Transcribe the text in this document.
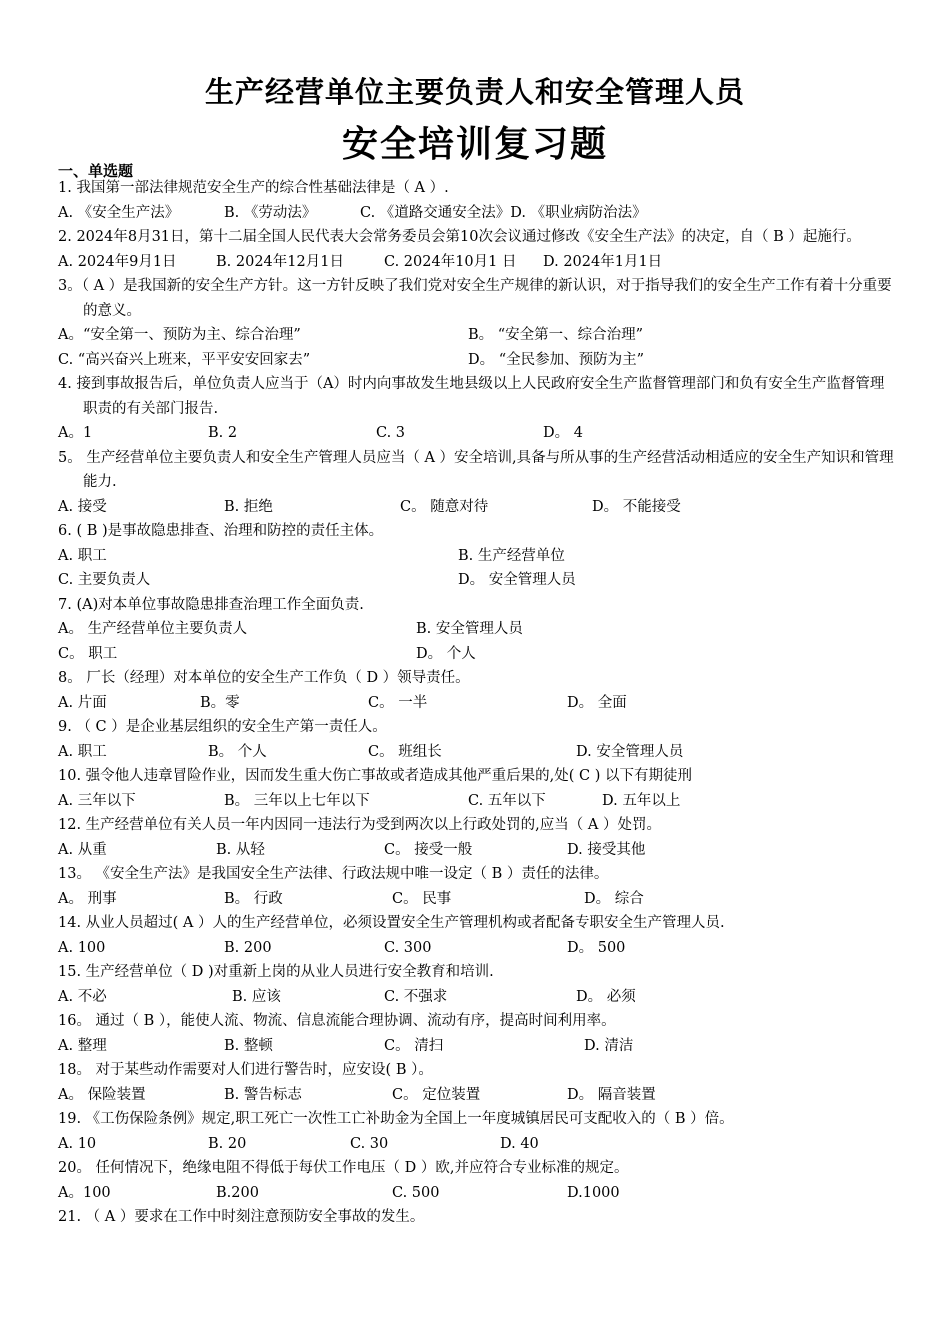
生产经营单位主要负责人和安全管理人员
安全培训复习题
一、单选题
1. 我国第一部法律规范安全生产的综合性基础法律是（ A ）.
A. 《安全生产法》	B. 《劳动法》	C. 《道路交通安全法》D. 《职业病防治法》
2. 2024年8月31日，第十二届全国人民代表大会常务委员会第10次会议通过修改《安全生产法》的决定，自（ B ）起施行。
A. 2024年9月1日	B. 2024年12月1日	C. 2024年10月1 日 D. 2024年1月1日
3。（ A ）是我国新的安全生产方针。这一方针反映了我们党对安全生产规律的新认识，对于指导我们的安全生产工作有着十分重要的意义。
A。“安全第一、预防为主、综合治理”	B。 “安全第一、综合治理”
C. “高兴奋兴上班来，平平安安回家去”	D。 “全民参加、预防为主”
4. 接到事故报告后，单位负责人应当于（A）时内向事故发生地县级以上人民政府安全生产监督管理部门和负有安全生产监督管理职责的有关部门报告.
A。1	B. 2	C. 3	D。 4
5。 生产经营单位主要负责人和安全生产管理人员应当（ A ）安全培训,具备与所从事的生产经营活动相适应的安全生产知识和管理能力.
A. 接受	B. 拒绝	C。 随意对待	D。 不能接受
6. ( B )是事故隐患排查、治理和防控的责任主体。
A. 职工	B. 生产经营单位
C. 主要负责人	D。 安全管理人员
7. (A)对本单位事故隐患排查治理工作全面负责.
A。 生产经营单位主要负责人	B. 安全管理人员
C。 职工	D。 个人
8。 厂长（经理）对本单位的安全生产工作负（ D ）领导责任。
A. 片面	B。零	C。 一半	D。 全面
9. （ C ）是企业基层组织的安全生产第一责任人。
A. 职工	B。 个人	C。 班组长	D. 安全管理人员
10. 强令他人违章冒险作业，因而发生重大伤亡事故或者造成其他严重后果的,处( C ) 以下有期徒刑
A. 三年以下	B。 三年以上七年以下	C. 五年以下	D. 五年以上
12. 生产经营单位有关人员一年内因同一违法行为受到两次以上行政处罚的,应当（ A ）处罚。
A. 从重	B. 从轻	C。 接受一般	D. 接受其他
13。 《安全生产法》是我国安全生产法律、行政法规中唯一设定（ B ）责任的法律。
A。 刑事	B。 行政	C。 民事	D。 综合
14. 从业人员超过( A ）人的生产经营单位，必须设置安全生产管理机构或者配备专职安全生产管理人员.
A. 100	B. 200	C. 300	D。 500
15. 生产经营单位（ D )对重新上岗的从业人员进行安全教育和培训.
A. 不必	B. 应该	C. 不强求	D。 必须
16。 通过（ B ），能使人流、物流、信息流能合理协调、流动有序，提高时间利用率。
A. 整理	B. 整顿	C。 清扫	D. 清洁
18。 对于某些动作需要对人们进行警告时，应安设( B ）。
A。 保险装置	B. 警告标志	C。 定位装置	D。 隔音装置
19. 《工伤保险条例》规定,职工死亡一次性工亡补助金为全国上一年度城镇居民可支配收入的（ B ）倍。
A. 10	B. 20	C. 30	D. 40
20。 任何情况下，绝缘电阻不得低于每伏工作电压（ D ）欧,并应符合专业标准的规定。
A。100	B.200	C. 500	D.1000
21. （ A ）要求在工作中时刻注意预防安全事故的发生。
